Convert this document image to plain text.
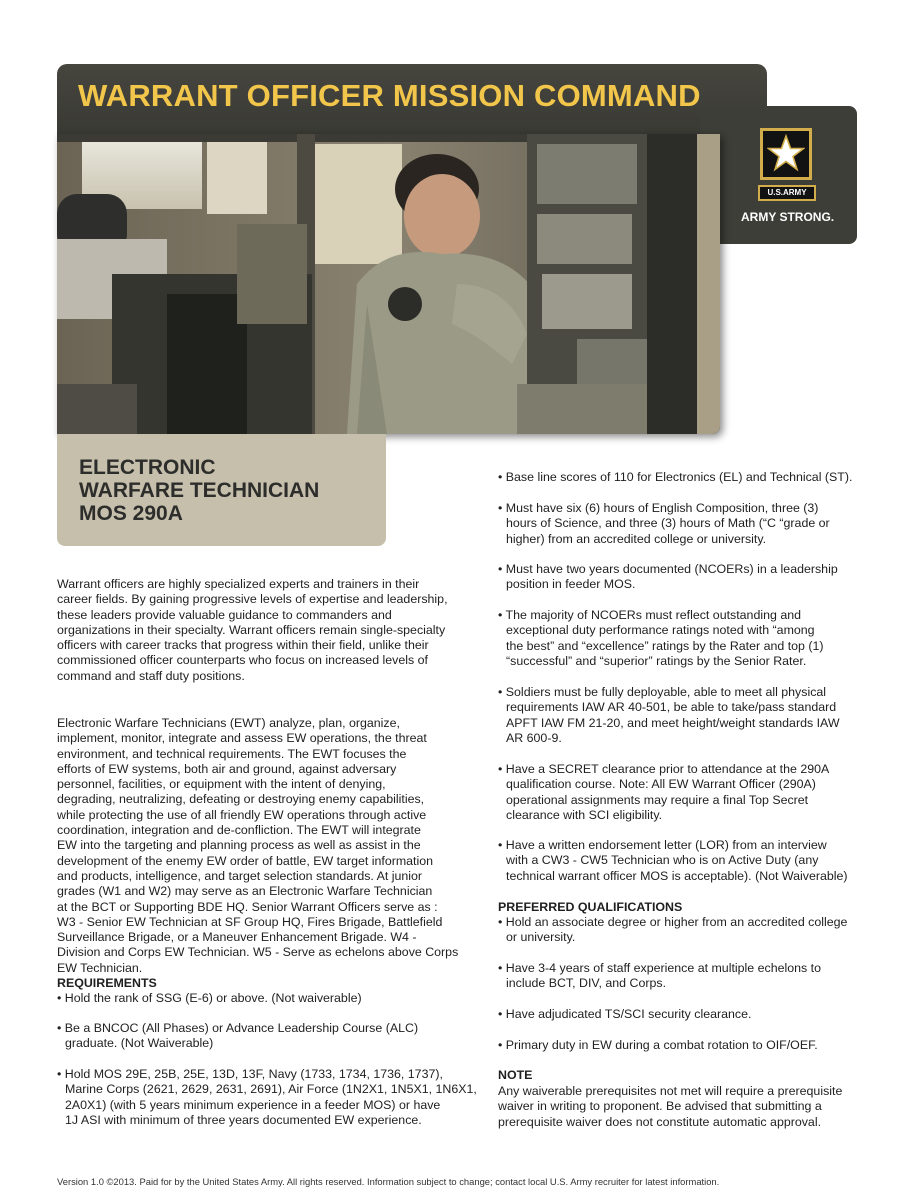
WARRANT OFFICER MISSION COMMAND
U.S.ARMY
ARMY STRONG.
ELECTRONIC
WARFARE TECHNICIAN
MOS 290A
Warrant officers are highly specialized experts and trainers in their
career fields. By gaining progressive levels of expertise and leadership,
these leaders provide valuable guidance to commanders and
organizations in their specialty. Warrant officers remain single-specialty
officers with career tracks that progress within their field, unlike their
commissioned officer counterparts who focus on increased levels of
command and staff duty positions.
Electronic Warfare Technicians (EWT) analyze, plan, organize,
implement, monitor, integrate and assess EW operations, the threat
environment, and technical requirements. The EWT focuses the
efforts of EW systems, both air and ground, against adversary
personnel, facilities, or equipment with the intent of denying,
degrading, neutralizing, defeating or destroying enemy capabilities,
while protecting the use of all friendly EW operations through active
coordination, integration and de-confliction. The EWT will integrate
EW into the targeting and planning process as well as assist in the
development of the enemy EW order of battle, EW target information
and products, intelligence, and target selection standards. At junior
grades (W1 and W2) may serve as an Electronic Warfare Technician
at the BCT or Supporting BDE HQ. Senior Warrant Officers serve as :
W3 - Senior EW Technician at SF Group HQ, Fires Brigade, Battlefield
Surveillance Brigade, or a Maneuver Enhancement Brigade. W4 -
Division and Corps EW Technician. W5 - Serve as echelons above Corps
EW Technician.
REQUIREMENTS
• Hold the rank of SSG (E-6) or above. (Not waiverable)
• Be a BNCOC (All Phases) or Advance Leadership Course (ALC)
graduate. (Not Waiverable)
• Hold MOS 29E, 25B, 25E, 13D, 13F, Navy (1733, 1734, 1736, 1737),
Marine Corps (2621, 2629, 2631, 2691), Air Force (1N2X1, 1N5X1, 1N6X1,
2A0X1) (with 5 years minimum experience in a feeder MOS) or have
1J ASI with minimum of three years documented EW experience.
• Base line scores of 110 for Electronics (EL) and Technical (ST).
• Must have six (6) hours of English Composition, three (3)
hours of Science, and three (3) hours of Math (“C “grade or
higher) from an accredited college or university.
• Must have two years documented (NCOERs) in a leadership
position in feeder MOS.
• The majority of NCOERs must reflect outstanding and
exceptional duty performance ratings noted with “among
the best” and “excellence” ratings by the Rater and top (1)
“successful” and “superior” ratings by the Senior Rater.
• Soldiers must be fully deployable, able to meet all physical
requirements IAW AR 40-501, be able to take/pass standard
APFT IAW FM 21-20, and meet height/weight standards IAW
AR 600-9.
• Have a SECRET clearance prior to attendance at the 290A
qualification course. Note: All EW Warrant Officer (290A)
operational assignments may require a final Top Secret
clearance with SCI eligibility.
• Have a written endorsement letter (LOR) from an interview
with a CW3 - CW5 Technician who is on Active Duty (any
technical warrant officer MOS is acceptable). (Not Waiverable)
PREFERRED QUALIFICATIONS
• Hold an associate degree or higher from an accredited college
or university.
• Have 3-4 years of staff experience at multiple echelons to
include BCT, DIV, and Corps.
• Have adjudicated TS/SCI security clearance.
• Primary duty in EW during a combat rotation to OIF/OEF.
NOTE
Any waiverable prerequisites not met will require a prerequisite
waiver in writing to proponent. Be advised that submitting a
prerequisite waiver does not constitute automatic approval.
Version 1.0 ©2013. Paid for by the United States Army. All rights reserved. Information subject to change; contact local U.S. Army recruiter for latest information.
